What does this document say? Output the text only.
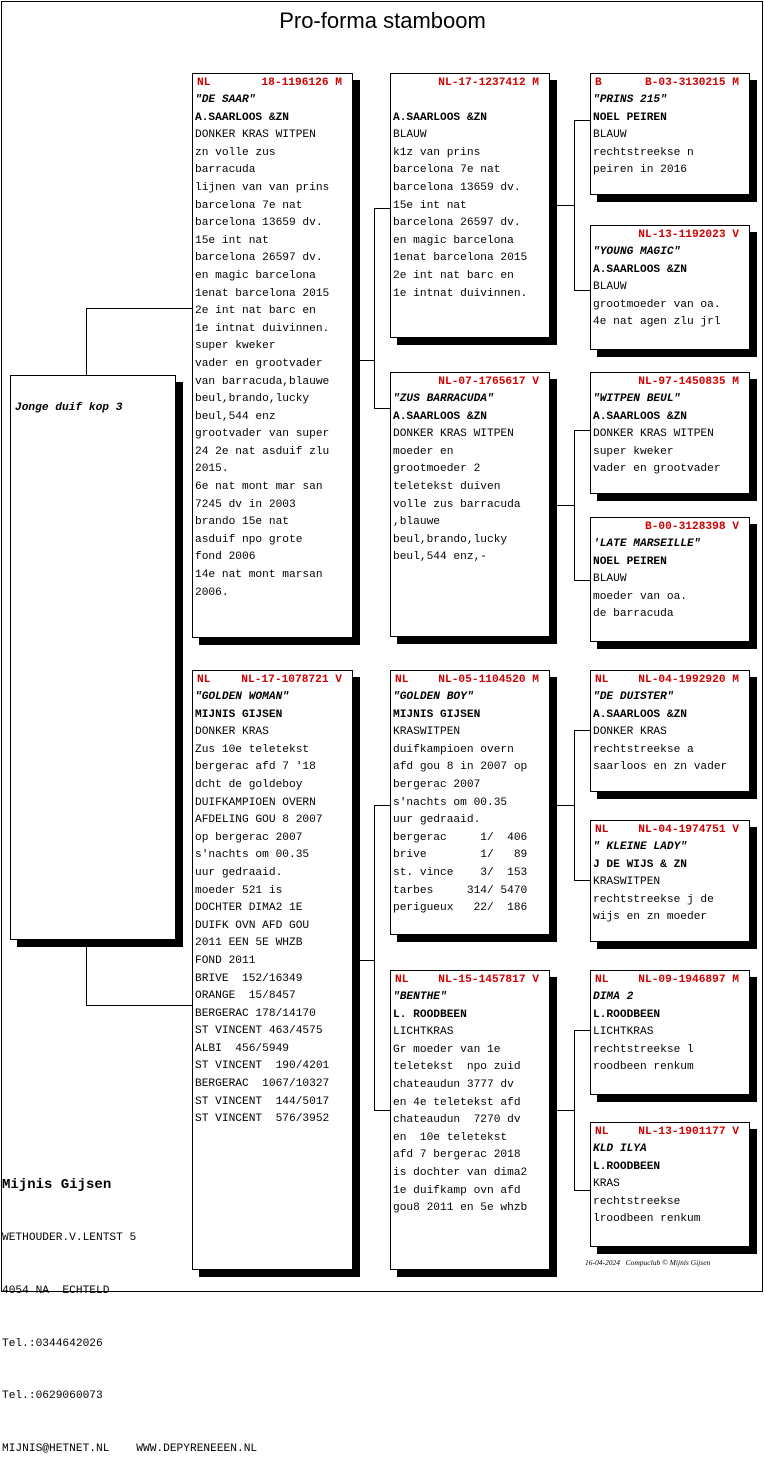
Pro-forma stamboom
Jonge duif kop 3
NL	18-1196126 M
"DE SAAR"
A.SAARLOOS &ZN
DONKER KRAS WITPEN
zn volle zus
barracuda
lijnen van van prins
barcelona 7e nat
barcelona 13659 dv.
15e int nat
barcelona 26597 dv.
en magic barcelona
1enat barcelona 2015
2e int nat barc en
1e intnat duivinnen.
super kweker
vader en grootvader
van barracuda,blauwe
beul,brando,lucky
beul,544 enz
grootvader van super
24 2e nat asduif zlu
2015.
6e nat mont mar san
7245 dv in 2003
brando 15e nat
asduif npo grote
fond 2006
14e nat mont marsan
2006.
NL	NL-17-1078721 V
"GOLDEN WOMAN"
MIJNIS GIJSEN
DONKER KRAS
Zus 10e teletekst
bergerac afd 7 '18
dcht de goldeboy
DUIFKAMPIOEN OVERN
AFDELING GOU 8 2007
op bergerac 2007
s'nachts om 00.35
uur gedraaid.
moeder 521 is
DOCHTER DIMA2 1E
DUIFK OVN AFD GOU
2011 EEN 5E WHZB
FOND 2011
BRIVE  152/16349
ORANGE  15/8457
BERGERAC 178/14170
ST VINCENT 463/4575
ALBI  456/5949
ST VINCENT  190/4201
BERGERAC  1067/10327
ST VINCENT  144/5017
ST VINCENT  576/3952
NL-17-1237412 M

A.SAARLOOS &ZN
BLAUW
k1z van prins
barcelona 7e nat
barcelona 13659 dv.
15e int nat
barcelona 26597 dv.
en magic barcelona
1enat barcelona 2015
2e int nat barc en
1e intnat duivinnen.
NL-07-1765617 V
"ZUS BARRACUDA"
A.SAARLOOS &ZN
DONKER KRAS WITPEN
moeder en
grootmoeder 2
teletekst duiven
volle zus barracuda
,blauwe
beul,brando,lucky
beul,544 enz,-
NL	NL-05-1104520 M
"GOLDEN BOY"
MIJNIS GIJSEN
KRASWITPEN
duifkampioen overn
afd gou 8 in 2007 op
bergerac 2007
s'nachts om 00.35
uur gedraaid.
bergerac     1/  406
brive        1/   89
st. vince    3/  153
tarbes     314/ 5470
perigueux   22/  186
NL	NL-15-1457817 V
"BENTHE"
L. ROODBEEN
LICHTKRAS
Gr moeder van 1e
teletekst  npo zuid
chateaudun 3777 dv
en 4e teletekst afd
chateaudun  7270 dv
en  10e teletekst
afd 7 bergerac 2018
is dochter van dima2
1e duifkamp ovn afd
gou8 2011 en 5e whzb
B	B-03-3130215 M
"PRINS 215"
NOEL PEIREN
BLAUW
rechtstreekse n
peiren in 2016
NL-13-1192023 V
"YOUNG MAGIC"
A.SAARLOOS &ZN
BLAUW
grootmoeder van oa.
4e nat agen zlu jrl
NL-97-1450835 M
"WITPEN BEUL"
A.SAARLOOS &ZN
DONKER KRAS WITPEN
super kweker
vader en grootvader
B-00-3128398 V
'LATE MARSEILLE"
NOEL PEIREN
BLAUW
moeder van oa.
de barracuda
NL	NL-04-1992920 M
"DE DUISTER"
A.SAARLOOS &ZN
DONKER KRAS
rechtstreekse a
saarloos en zn vader
NL	NL-04-1974751 V
" KLEINE LADY"
J DE WIJS & ZN
KRASWITPEN
rechtstreekse j de
wijs en zn moeder
NL	NL-09-1946897 M
DIMA 2
L.ROODBEEN
LICHTKRAS
rechtstreekse l
roodbeen renkum
NL	NL-13-1901177 V
KLD ILYA
L.ROODBEEN
KRAS
rechtstreekse
lroodbeen renkum

Mijnis Gijsen

WETHOUDER.V.LENTST 5

4054 NA  ECHTELD

Tel.:0344642026

Tel.:0629060073

MIJNIS@HETNET.NL    WWW.DEPYRENEEEN.NL

16-04-2024   Compuclub © Mijnis Gijsen
